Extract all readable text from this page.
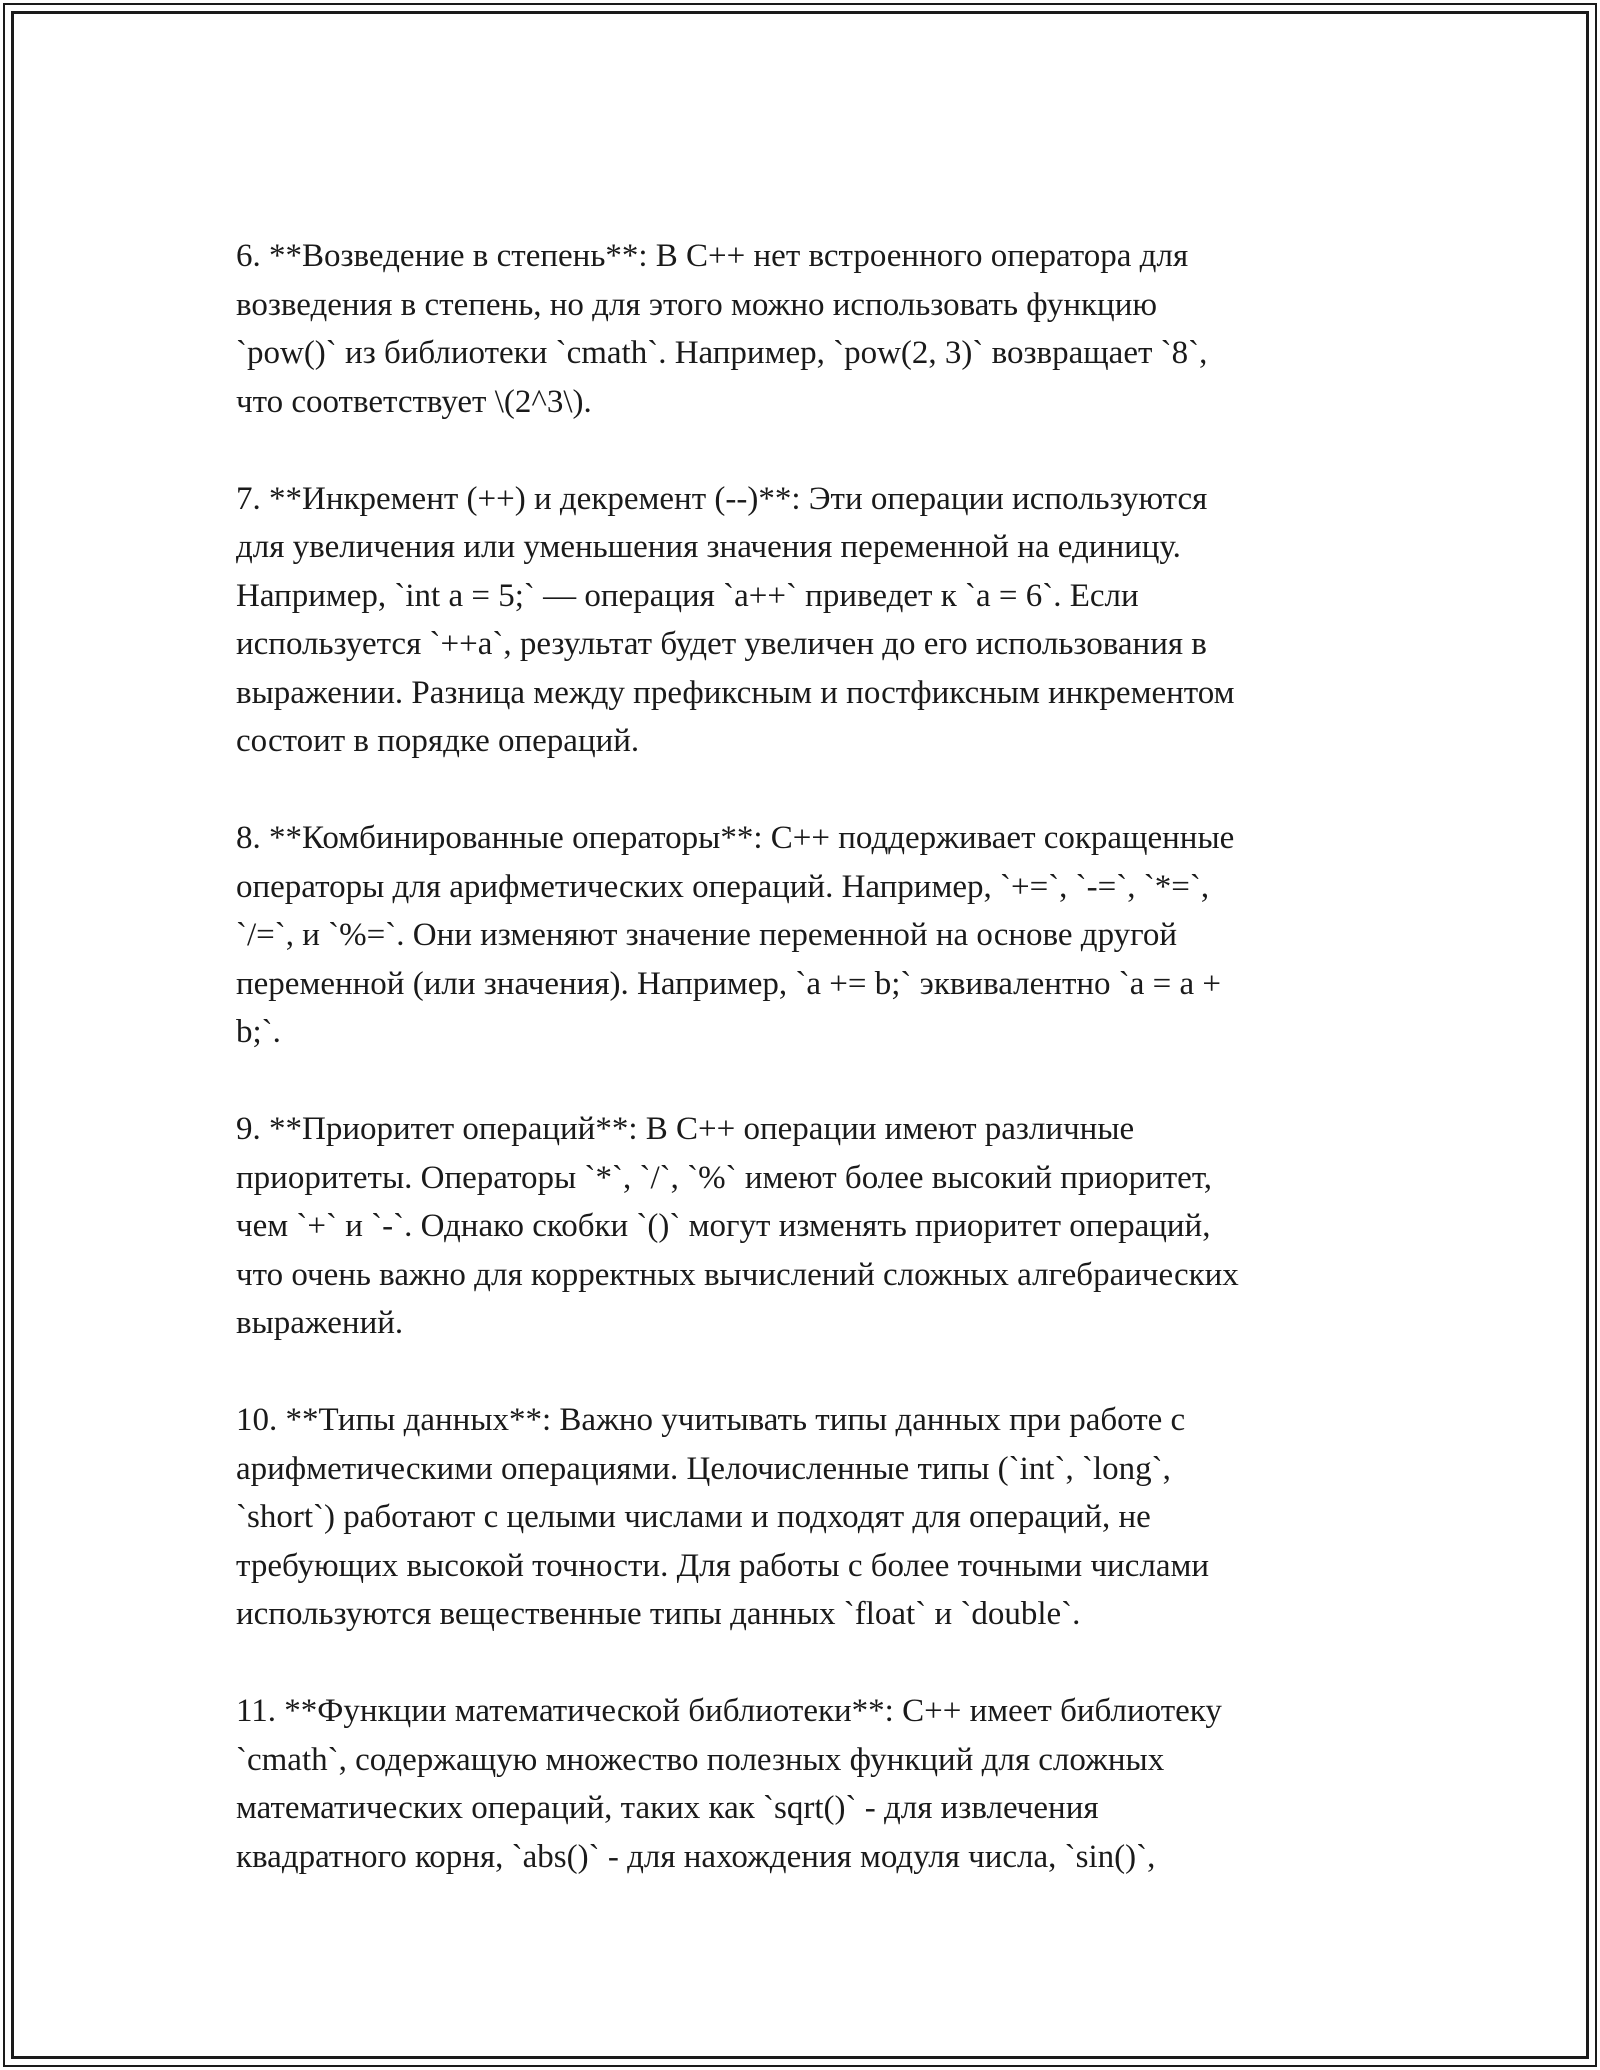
6. **Возведение в степень**: В C++ нет встроенного оператора для
возведения в степень, но для этого можно использовать функцию
`pow()` из библиотеки `cmath`. Например, `pow(2, 3)` возвращает `8`,
что соответствует \(2^3\).
7. **Инкремент (++) и декремент (--)**: Эти операции используются
для увеличения или уменьшения значения переменной на единицу.
Например, `int a = 5;` — операция `a++` приведет к `a = 6`. Если
используется `++a`, результат будет увеличен до его использования в
выражении. Разница между префиксным и постфиксным инкрементом
состоит в порядке операций.
8. **Комбинированные операторы**: C++ поддерживает сокращенные
операторы для арифметических операций. Например, `+=`, `-=`, `*=`,
`/=`, и `%=`. Они изменяют значение переменной на основе другой
переменной (или значения). Например, `a += b;` эквивалентно `a = a +
b;`.
9. **Приоритет операций**: В C++ операции имеют различные
приоритеты. Операторы `*`, `/`, `%` имеют более высокий приоритет,
чем `+` и `-`. Однако скобки `()` могут изменять приоритет операций,
что очень важно для корректных вычислений сложных алгебраических
выражений.
10. **Типы данных**: Важно учитывать типы данных при работе с
арифметическими операциями. Целочисленные типы (`int`, `long`,
`short`) работают с целыми числами и подходят для операций, не
требующих высокой точности. Для работы с более точными числами
используются вещественные типы данных `float` и `double`.
11. **Функции математической библиотеки**: C++ имеет библиотеку
`cmath`, содержащую множество полезных функций для сложных
математических операций, таких как `sqrt()` - для извлечения
квадратного корня, `abs()` - для нахождения модуля числа, `sin()`,
